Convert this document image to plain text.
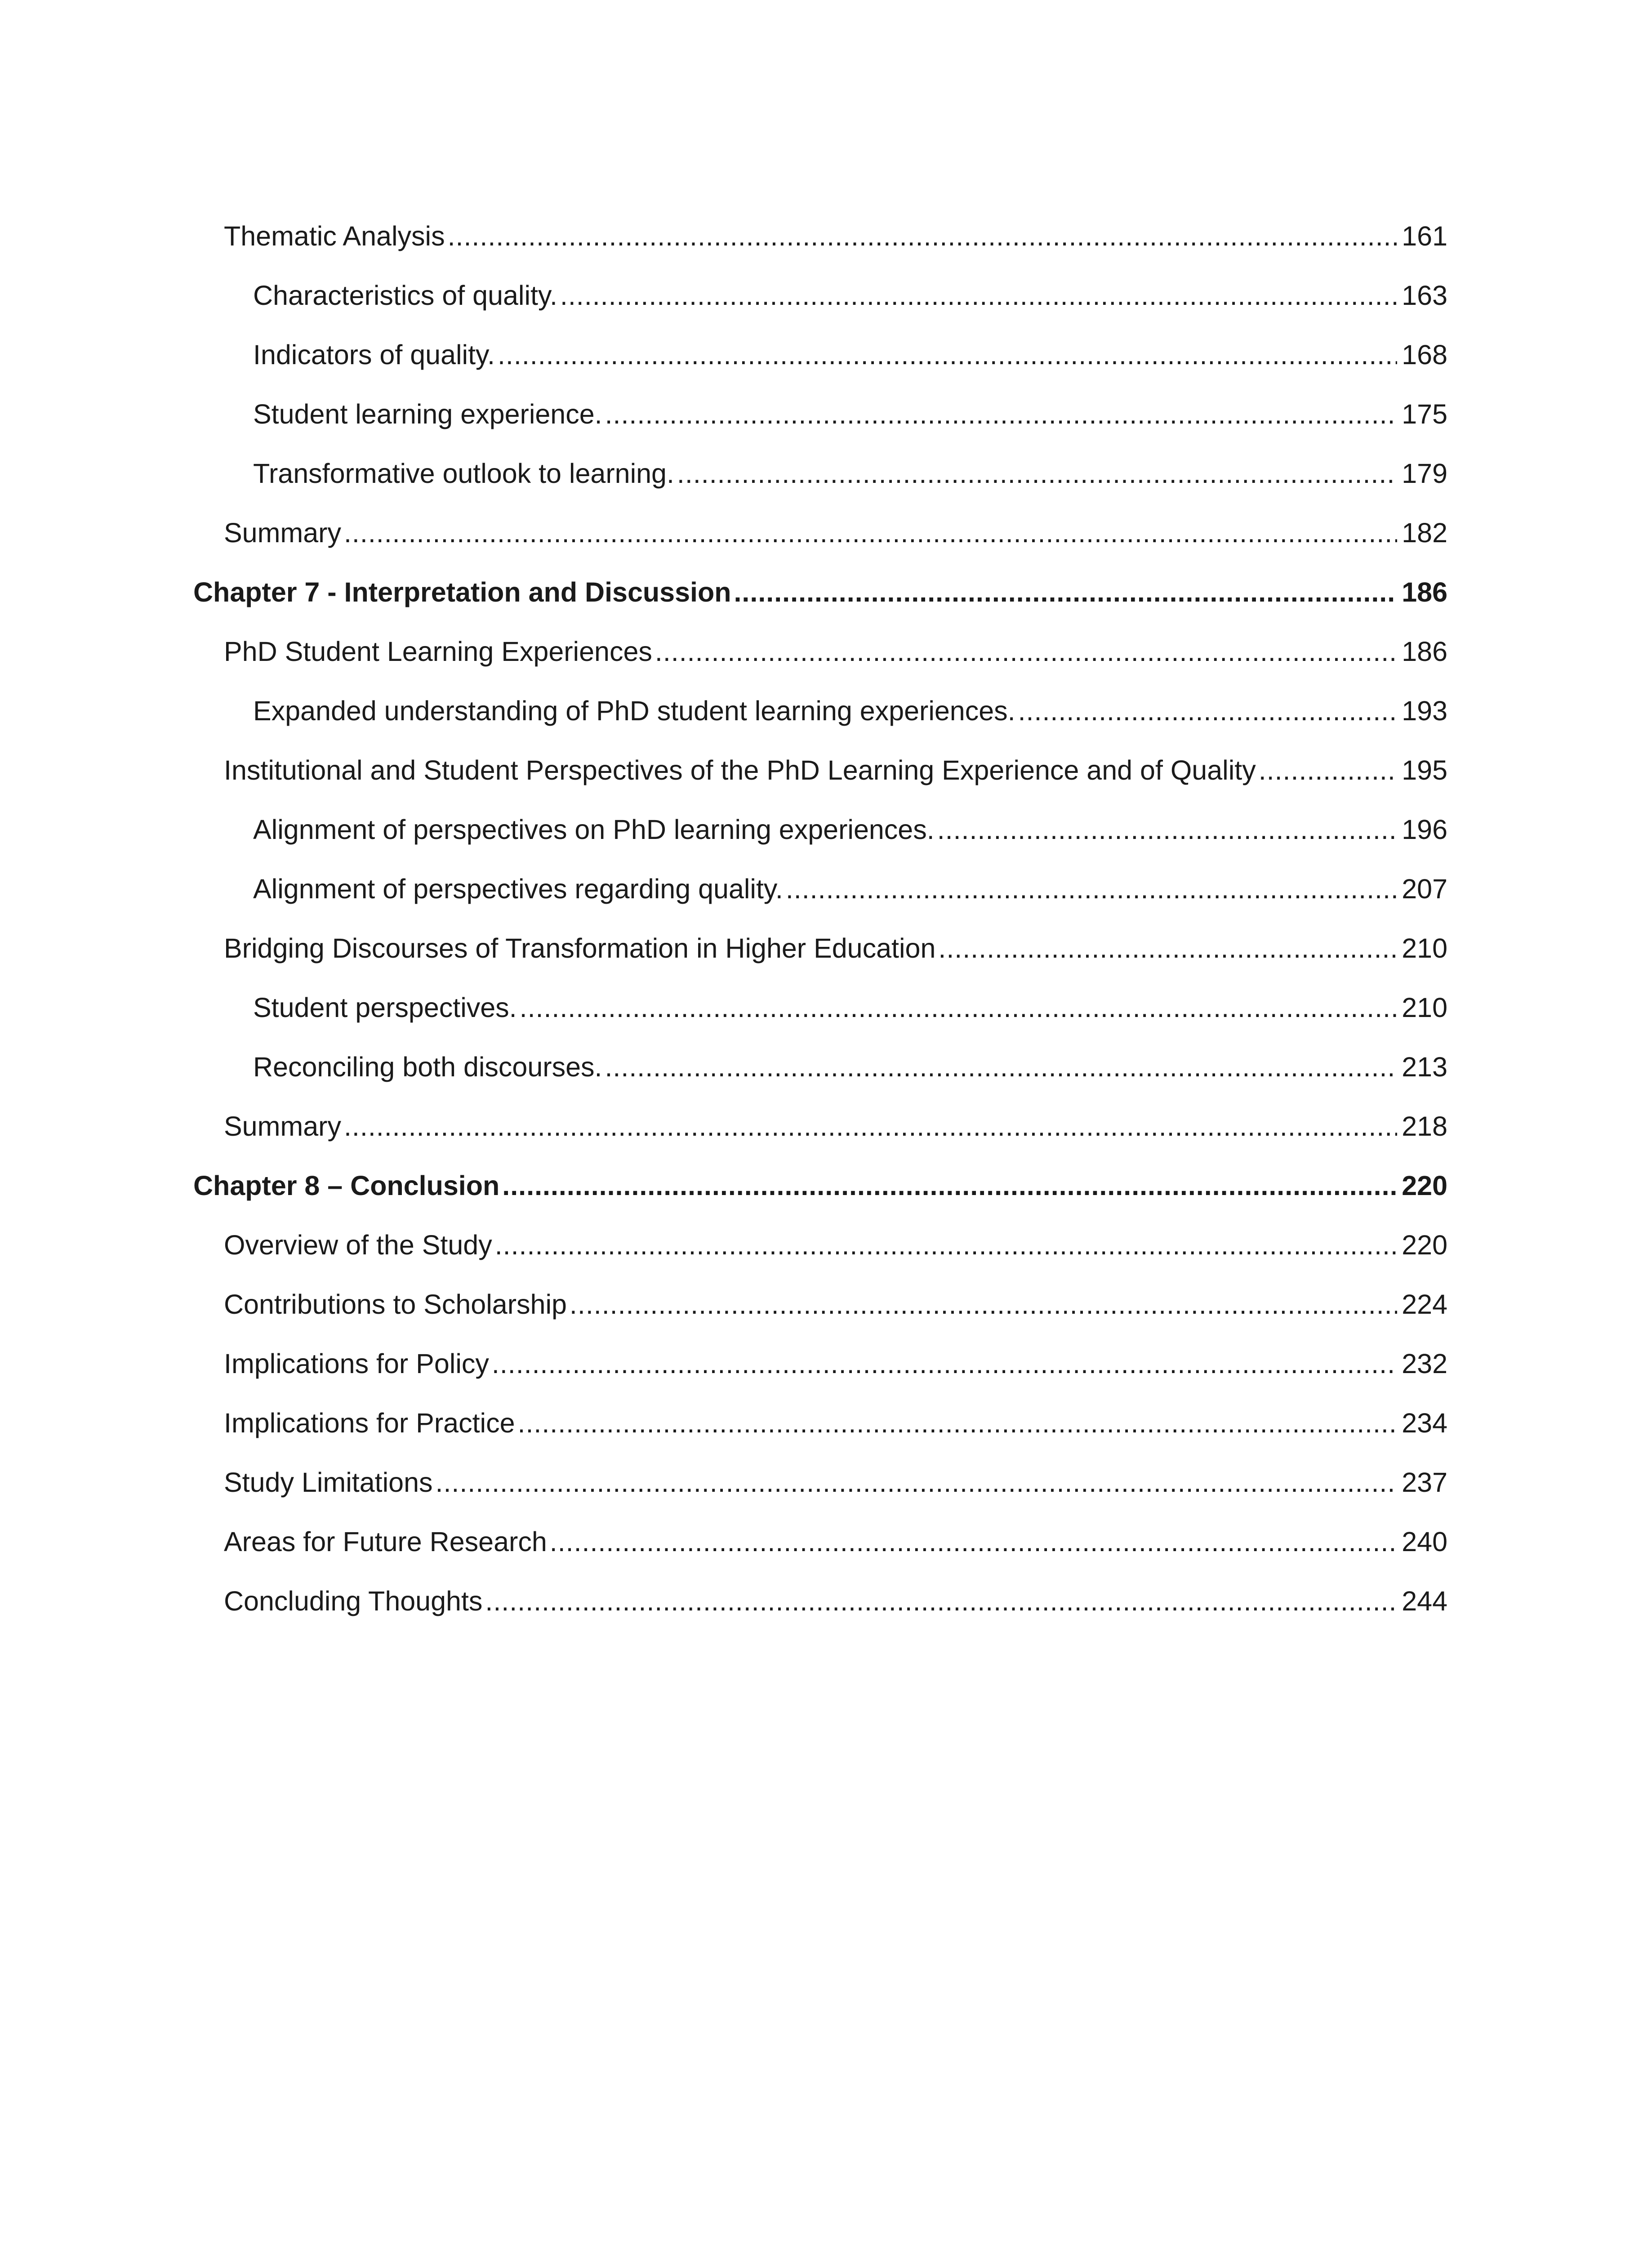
Thematic Analysis .....	161
Characteristics of quality. .....	163
Indicators of quality. .....	168
Student learning experience. .....	175
Transformative outlook to learning. .....	179
Summary .....	182
Chapter 7 - Interpretation and Discussion .....	186
PhD Student Learning Experiences .....	186
Expanded understanding of PhD student learning experiences. .....	193
Institutional and Student Perspectives of the PhD Learning Experience and of Quality .....	195
Alignment of perspectives on PhD learning experiences. .....	196
Alignment of perspectives regarding quality. .....	207
Bridging Discourses of Transformation in Higher Education .....	210
Student perspectives. .....	210
Reconciling both discourses. .....	213
Summary .....	218
Chapter 8 – Conclusion .....	220
Overview of the Study .....	220
Contributions to Scholarship .....	224
Implications for Policy .....	232
Implications for Practice .....	234
Study Limitations .....	237
Areas for Future Research .....	240
Concluding Thoughts .....	244
